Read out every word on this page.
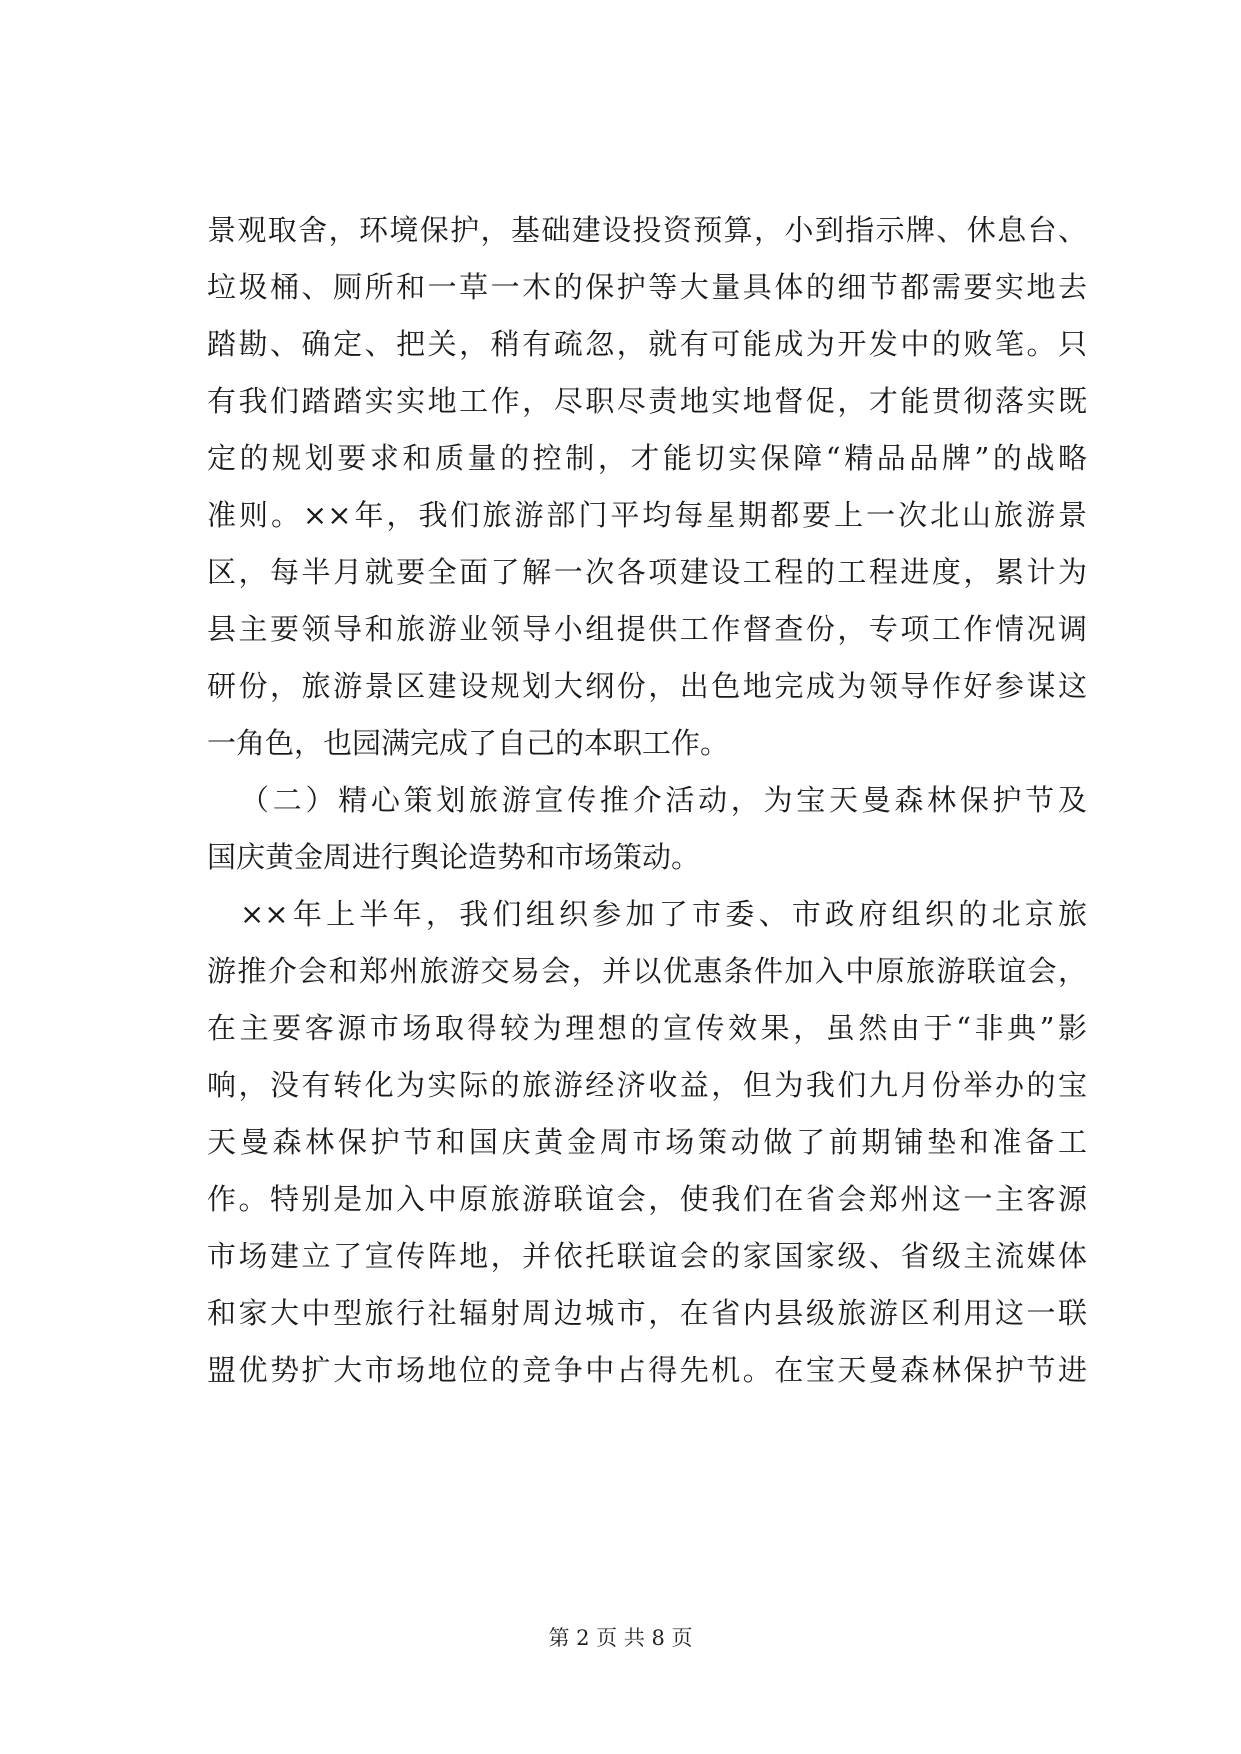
景观取舍，环境保护，基础建设投资预算，小到指示牌、休息台、
垃圾桶、厕所和一草一木的保护等大量具体的细节都需要实地去
踏勘、确定、把关，稍有疏忽，就有可能成为开发中的败笔。只
有我们踏踏实实地工作，尽职尽责地实地督促，才能贯彻落实既
定的规划要求和质量的控制，才能切实保障“精品品牌”的战略
准则。××年，我们旅游部门平均每星期都要上一次北山旅游景
区，每半月就要全面了解一次各项建设工程的工程进度，累计为
县主要领导和旅游业领导小组提供工作督查份，专项工作情况调
研份，旅游景区建设规划大纲份，出色地完成为领导作好参谋这
一角色，也园满完成了自己的本职工作。
（二）精心策划旅游宣传推介活动，为宝天曼森林保护节及
国庆黄金周进行舆论造势和市场策动。
××年上半年，我们组织参加了市委、市政府组织的北京旅
游推介会和郑州旅游交易会，并以优惠条件加入中原旅游联谊会，
在主要客源市场取得较为理想的宣传效果，虽然由于“非典”影
响，没有转化为实际的旅游经济收益，但为我们九月份举办的宝
天曼森林保护节和国庆黄金周市场策动做了前期铺垫和准备工
作。特别是加入中原旅游联谊会，使我们在省会郑州这一主客源
市场建立了宣传阵地，并依托联谊会的家国家级、省级主流媒体
和家大中型旅行社辐射周边城市，在省内县级旅游区利用这一联
盟优势扩大市场地位的竞争中占得先机。在宝天曼森林保护节进
第 2 页 共 8 页
